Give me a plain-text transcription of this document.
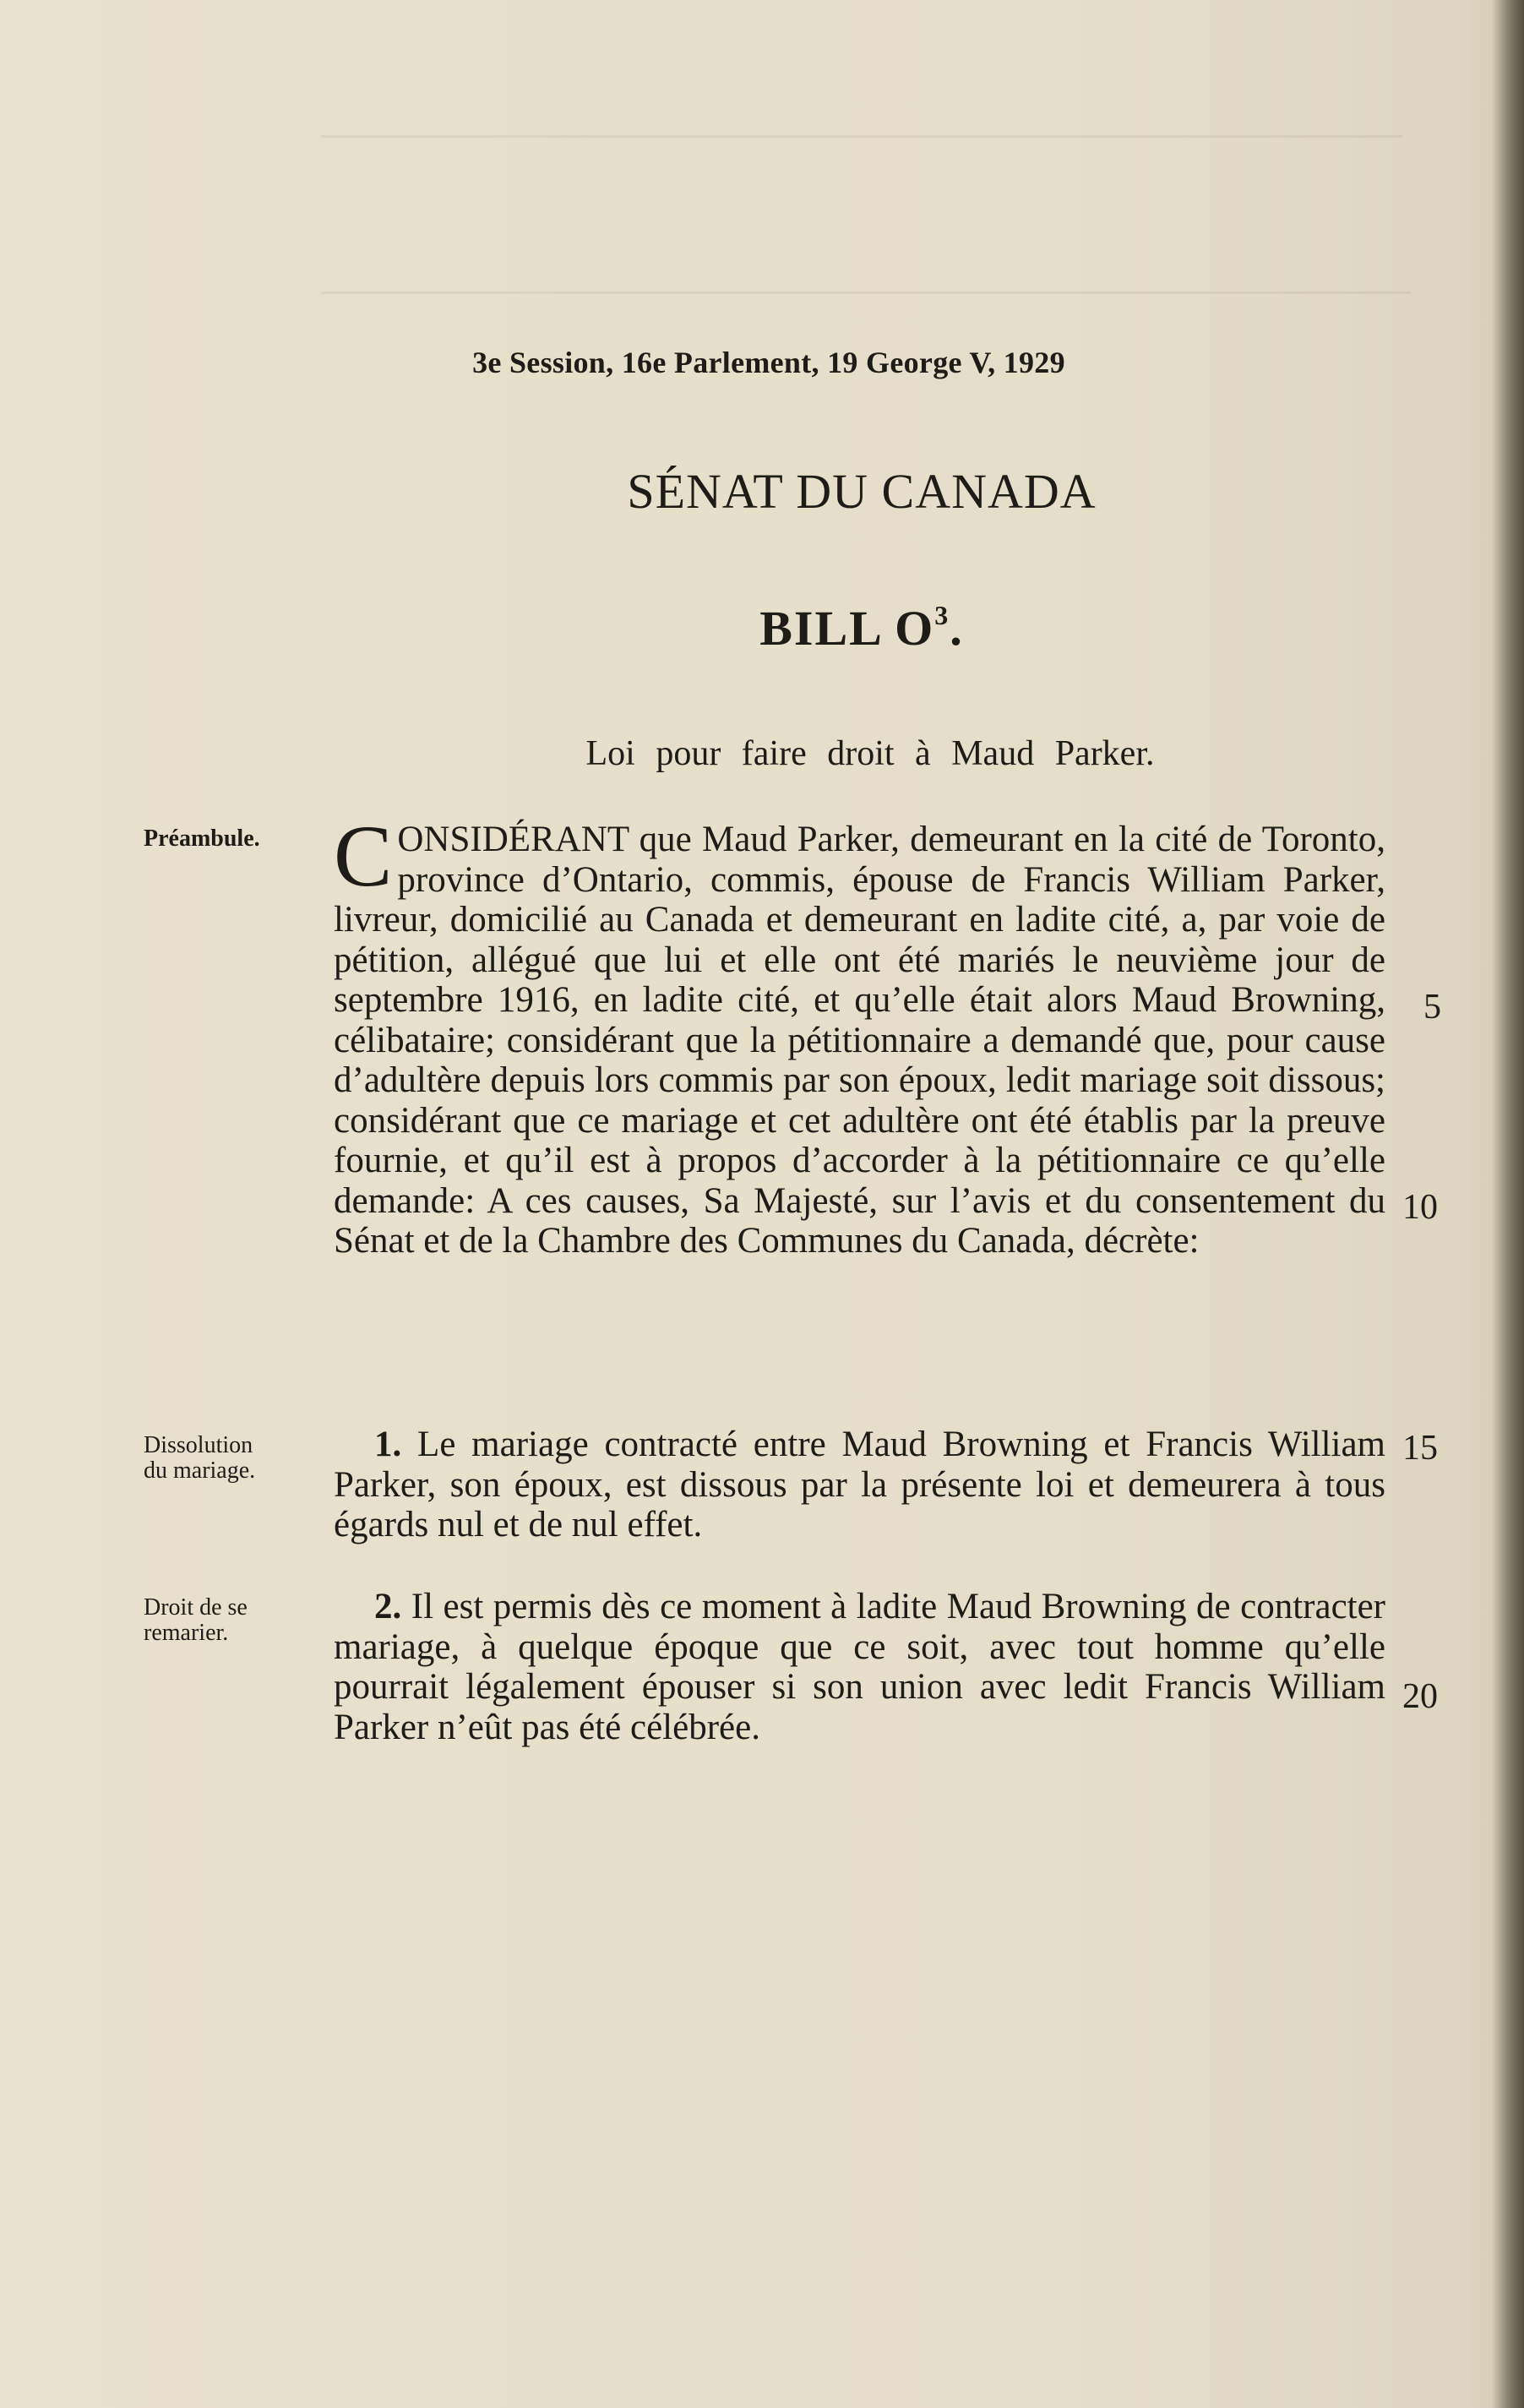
3e Session, 16e Parlement, 19 George V, 1929
SÉNAT DU CANADA
BILL $O^3$.
Loi pour faire droit à Maud Parker.
Préambule.
Dissolution
du mariage.
Droit de se
remarier.

CONSIDÉRANT que Maud Parker, demeurant en la cité de Toronto, province d’Ontario, commis, épouse de Francis William Parker, livreur, domicilié au Canada et demeurant en ladite cité, a, par voie de pétition, allégué que lui et elle ont été mariés le neuvième jour de septembre 1916, en ladite cité, et qu’elle était alors Maud Browning, célibataire; considérant que la pétitionnaire a demandé que, pour cause d’adultère depuis lors commis par son époux, ledit mariage soit dissous; considérant que ce mariage et cet adultère ont été établis par la preuve fournie, et qu’il est à propos d’accorder à la pétitionnaire ce qu’elle demande: A ces causes, Sa Majesté, sur l’avis et du consentement du Sénat et de la Chambre des Communes du Canada, décrète:

1. Le mariage contracté entre Maud Browning et Francis William Parker, son époux, est dissous par la présente loi et demeurera à tous égards nul et de nul effet.

2. Il est permis dès ce moment à ladite Maud Browning de contracter mariage, à quelque époque que ce soit, avec tout homme qu’elle pourrait légalement épouser si son union avec ledit Francis William Parker n’eût pas été célébrée.

5
10
15
20
